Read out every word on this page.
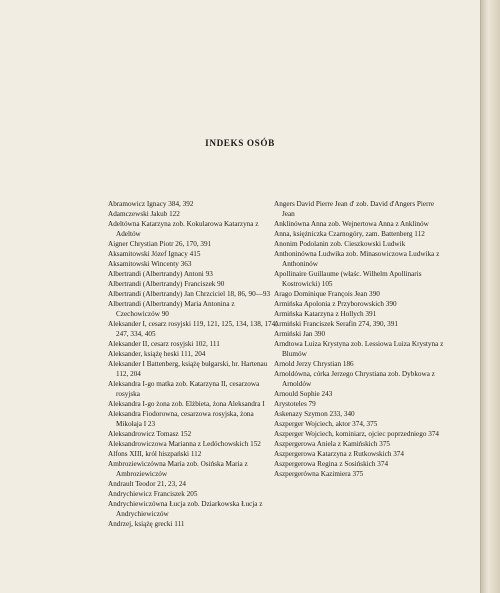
INDEKS OSÓB

Abramowicz Ignacy 384, 392

Adamczewski Jakub 122

Adeltówna Katarzyna zob. Kokularowa Katarzyna z Adeltów

Aigner Chrystian Piotr 26, 170, 391

Aksamitowski Józef Ignacy 415

Aksamitowski Wincenty 363

Albertrandi (Albertrandy) Antoni 93

Albertrandi (Albertrandy) Franciszek 90

Albertrandi (Albertrandy) Jan Chrzciciel 18, 86, 90—93

Albertrandi (Albertrandy) Maria Antonina z Czechowiczów 90

Aleksander I, cesarz rosyjski 119, 121, 125, 134, 138, 174, 247, 334, 405

Aleksander II, cesarz rosyjski 102, 111

Aleksander, książę heski 111, 204

Aleksander I Battenberg, książę bułgarski, hr. Hartenau 112, 204

Aleksandra I-go matka zob. Katarzyna II, cesarzowa rosyjska

Aleksandra I-go żona zob. Elżbieta, żona Aleksandra I

Aleksandra Fiodorowna, cesarzowa rosyjska, żona Mikołaja I 23

Aleksandrowicz Tomasz 152

Aleksandrowiczowa Marianna z Ledóchowskich 152

Alfons XIII, król hiszpański 112

Ambroziewiczówna Maria zob. Osińska Maria z Ambroziewiczów

Andrault Teodor 21, 23, 24

Andrychiewicz Franciszek 205

Andrychiewiczówna Łucja zob. Dziarkowska Łucja z Andrychiewiczów

Andrzej, książę grecki 111

Angers David Pierre Jean d' zob. David d'Angers Pierre Jean

Anklinówna Anna zob. Wejnertowa Anna z Anklinów

Anna, księżniczka Czarnogóry, zam. Battenberg 112

Anonim Podolanin zob. Cieszkowski Ludwik

Anthoninówna Ludwika zob. Minasowiczowa Ludwika z Anthoninów

Apollinaire Guillaume (właśc. Wilhelm Apollinaris Kostrowicki) 105

Arago Dominique François Jean 390

Armińska Apolonia z Przyborowskich 390

Armińska Katarzyna z Hollych 391

Armiński Franciszek Serafin 274, 390, 391

Armiński Jan 390

Arndtowa Luiza Krystyna zob. Lessiowa Luiza Krystyna z Blumów

Arnold Jerzy Chrystian 186

Arnoldówna, córka Jerzego Chrystiana zob. Dybkowa z Arnoldów

Arnould Sophie 243

Arystoteles 79

Askenazy Szymon 233, 340

Aszperger Wojciech, aktor 374, 375

Aszperger Wojciech, kominiarz, ojciec poprzedniego 374

Aszpergerowa Aniela z Kamińskich 375

Aszpergerowa Katarzyna z Rutkowskich 374

Aszpergerowa Regina z Sosińskich 374

Aszpergerówna Kazimiera 375
